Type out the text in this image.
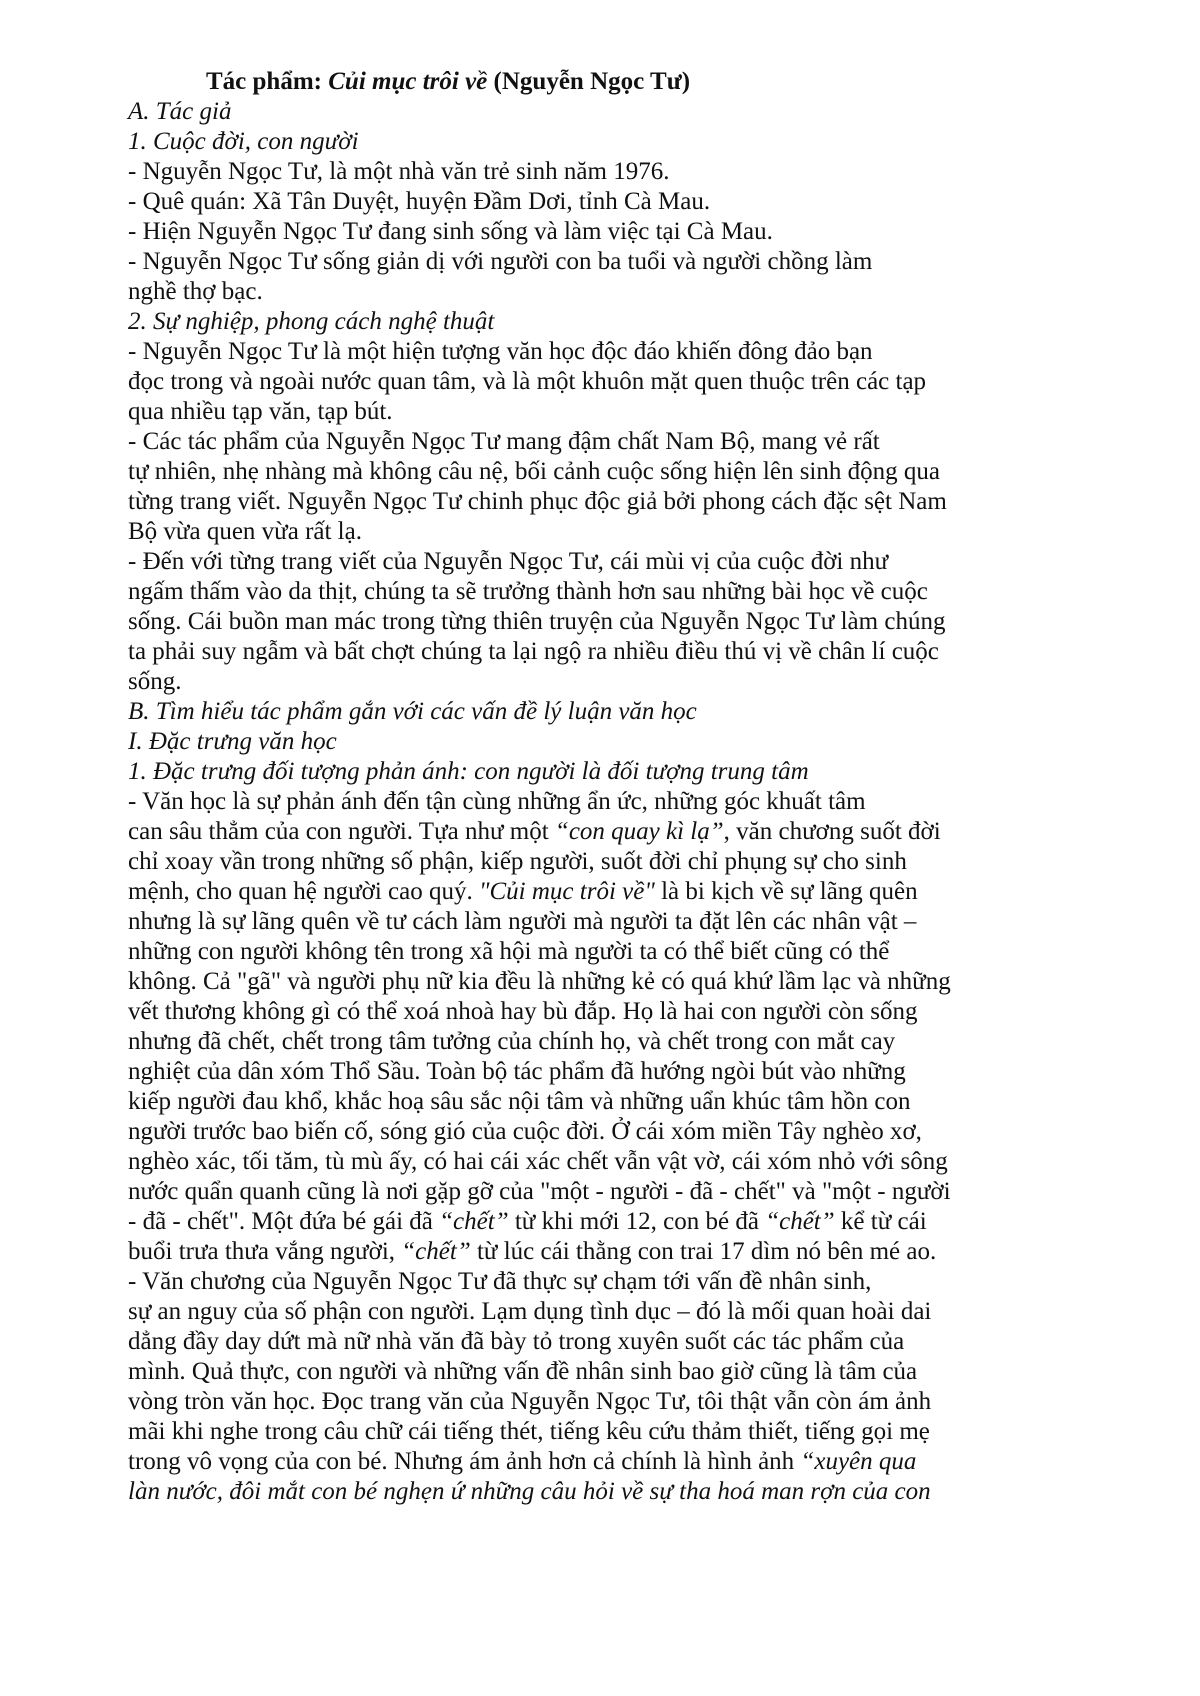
Tác phẩm: Củi mục trôi về (Nguyễn Ngọc Tư)
A. Tác giả
1. Cuộc đời, con người
- Nguyễn Ngọc Tư, là một nhà văn trẻ sinh năm 1976.
- Quê quán: Xã Tân Duyệt, huyện Đầm Dơi, tỉnh Cà Mau.
- Hiện Nguyễn Ngọc Tư đang sinh sống và làm việc tại Cà Mau.
- Nguyễn Ngọc Tư sống giản dị với người con ba tuổi và người chồng làm
nghề thợ bạc.
2. Sự nghiệp, phong cách nghệ thuật
- Nguyễn Ngọc Tư là một hiện tượng văn học độc đáo khiến đông đảo bạn
đọc trong và ngoài nước quan tâm, và là một khuôn mặt quen thuộc trên các tạp
qua nhiều tạp văn, tạp bút.
- Các tác phẩm của Nguyễn Ngọc Tư mang đậm chất Nam Bộ, mang vẻ rất
tự nhiên, nhẹ nhàng mà không câu nệ, bối cảnh cuộc sống hiện lên sinh động qua
từng trang viết. Nguyễn Ngọc Tư chinh phục độc giả bởi phong cách đặc sệt Nam
Bộ vừa quen vừa rất lạ.
- Đến với từng trang viết của Nguyễn Ngọc Tư, cái mùi vị của cuộc đời như
ngấm thấm vào da thịt, chúng ta sẽ trưởng thành hơn sau những bài học về cuộc
sống. Cái buồn man mác trong từng thiên truyện của Nguyễn Ngọc Tư làm chúng
ta phải suy ngẫm và bất chợt chúng ta lại ngộ ra nhiều điều thú vị về chân lí cuộc
sống.
B. Tìm hiểu tác phẩm gắn với các vấn đề lý luận văn học
I. Đặc trưng văn học
1. Đặc trưng đối tượng phản ánh: con người là đối tượng trung tâm
- Văn học là sự phản ánh đến tận cùng những ẩn ức, những góc khuất tâm
can sâu thẳm của con người. Tựa như một “con quay kì lạ”, văn chương suốt đời
chỉ xoay vần trong những số phận, kiếp người, suốt đời chỉ phụng sự cho sinh
mệnh, cho quan hệ người cao quý. "Củi mục trôi về" là bi kịch về sự lãng quên
nhưng là sự lãng quên về tư cách làm người mà người ta đặt lên các nhân vật –
những con người không tên trong xã hội mà người ta có thể biết cũng có thể
không. Cả "gã" và người phụ nữ kia đều là những kẻ có quá khứ lầm lạc và những
vết thương không gì có thể xoá nhoà hay bù đắp. Họ là hai con người còn sống
nhưng đã chết, chết trong tâm tưởng của chính họ, và chết trong con mắt cay
nghiệt của dân xóm Thổ Sầu. Toàn bộ tác phẩm đã hướng ngòi bút vào những
kiếp người đau khổ, khắc hoạ sâu sắc nội tâm và những uẩn khúc tâm hồn con
người trước bao biến cố, sóng gió của cuộc đời. Ở cái xóm miền Tây nghèo xơ,
nghèo xác, tối tăm, tù mù ấy, có hai cái xác chết vẫn vật vờ, cái xóm nhỏ với sông
nước quẩn quanh cũng là nơi gặp gỡ của "một - người - đã - chết" và "một - người
- đã - chết". Một đứa bé gái đã “chết” từ khi mới 12, con bé đã “chết” kể từ cái
buổi trưa thưa vắng người, “chết” từ lúc cái thằng con trai 17 dìm nó bên mé ao.
- Văn chương của Nguyễn Ngọc Tư đã thực sự chạm tới vấn đề nhân sinh,
sự an nguy của số phận con người. Lạm dụng tình dục – đó là mối quan hoài dai
dẳng đầy day dứt mà nữ nhà văn đã bày tỏ trong xuyên suốt các tác phẩm của
mình. Quả thực, con người và những vấn đề nhân sinh bao giờ cũng là tâm của
vòng tròn văn học. Đọc trang văn của Nguyễn Ngọc Tư, tôi thật vẫn còn ám ảnh
mãi khi nghe trong câu chữ cái tiếng thét, tiếng kêu cứu thảm thiết, tiếng gọi mẹ
trong vô vọng của con bé. Nhưng ám ảnh hơn cả chính là hình ảnh “xuyên qua
làn nước, đôi mắt con bé nghẹn ứ những câu hỏi về sự tha hoá man rợn của con
